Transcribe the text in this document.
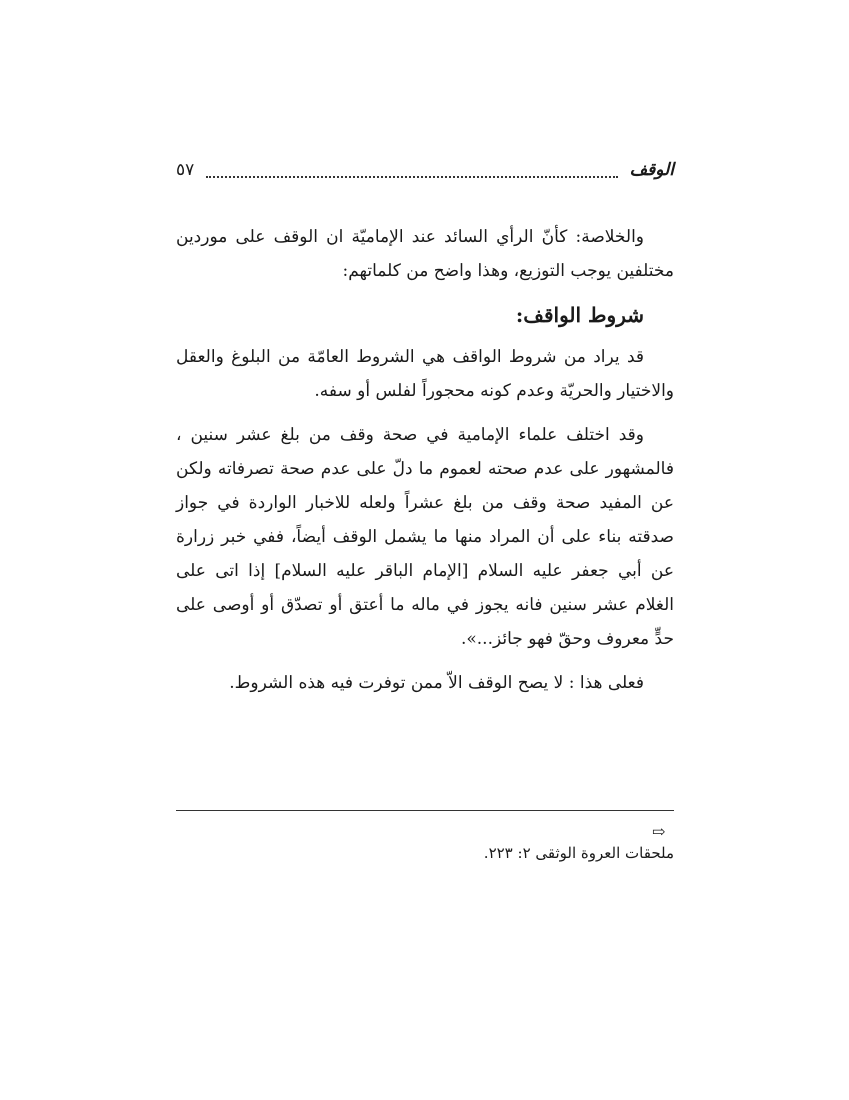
الوقف
٥٧

والخلاصة: كأنّ الرأي السائد عند الإماميّة ان الوقف على موردين مختلفين يوجب التوزيع، وهذا واضح من كلماتهم:

شروط الواقف:

قد يراد من شروط الواقف هي الشروط العامّة من البلوغ والعقل والاختيار والحريّة وعدم كونه محجوراً لفلس أو سفه.

وقد اختلف علماء الإمامية في صحة وقف من بلغ عشر سنين ، فالمشهور على عدم صحته لعموم ما دلّ على عدم صحة تصرفاته ولكن عن المفيد صحة وقف من بلغ عشراً ولعله للاخبار الواردة في جواز صدقته بناء على أن المراد منها ما يشمل الوقف أيضاً، ففي خبر زرارة عن أبي جعفر عليه السلام [الإمام الباقر عليه السلام] إذا اتى على الغلام عشر سنين فانه يجوز في ماله ما أعتق أو تصدّق أو أوصى على حدٍّ معروف وحقّ فهو جائز...».

فعلى هذا : لا يصح الوقف الاّ ممن توفرت فيه هذه الشروط.

⇨
ملحقات العروة الوثقى ٢: ٢٢٣.
